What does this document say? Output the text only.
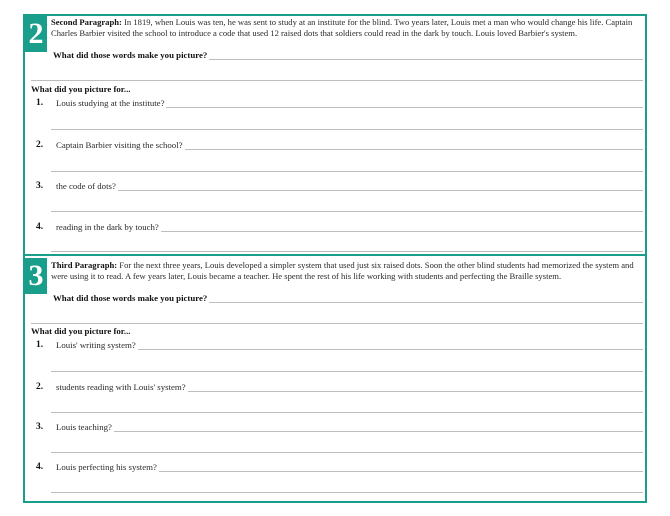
2 Second Paragraph: In 1819, when Louis was ten, he was sent to study at an institute for the blind. Two years later, Louis met a man who would change his life. Captain Charles Barbier visited the school to introduce a code that used 12 raised dots that soldiers could read in the dark by touch. Louis loved Barbier's system.
What did those words make you picture?
What did you picture for...
1.	Louis studying at the institute?
2.	Captain Barbier visiting the school?
3.	the code of dots?
4.	reading in the dark by touch?
3 Third Paragraph: For the next three years, Louis developed a simpler system that used just six raised dots. Soon the other blind students had memorized the system and were using it to read. A few years later, Louis became a teacher. He spent the rest of his life working with students and perfecting the Braille system.
What did those words make you picture?
What did you picture for...
1.	Louis' writing system?
2.	students reading with Louis' system?
3.	Louis teaching?
4.	Louis perfecting his system?
